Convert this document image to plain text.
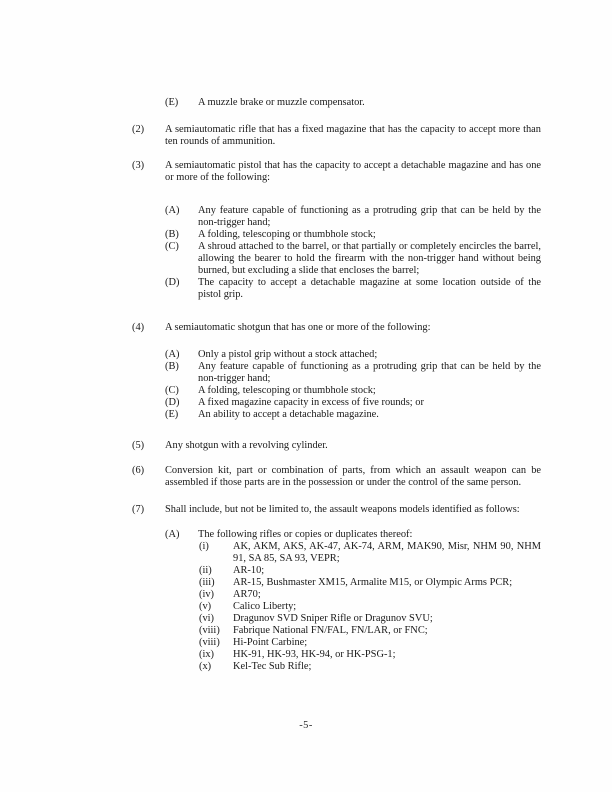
(E)	A muzzle brake or muzzle compensator.
(2)	A semiautomatic rifle that has a fixed magazine that has the capacity to accept more than ten rounds of ammunition.
(3)	A semiautomatic pistol that has the capacity to accept a detachable magazine and has one or more of the following:
(A)	Any feature capable of functioning as a protruding grip that can be held by the non-trigger hand;
(B)	A folding, telescoping or thumbhole stock;
(C)	A shroud attached to the barrel, or that partially or completely encircles the barrel, allowing the bearer to hold the firearm with the non-trigger hand without being burned, but excluding a slide that encloses the barrel;
(D)	The capacity to accept a detachable magazine at some location outside of the pistol grip.
(4)	A semiautomatic shotgun that has one or more of the following:
(A)	Only a pistol grip without a stock attached;
(B)	Any feature capable of functioning as a protruding grip that can be held by the non-trigger hand;
(C)	A folding, telescoping or thumbhole stock;
(D)	A fixed magazine capacity in excess of five rounds; or
(E)	An ability to accept a detachable magazine.
(5)	Any shotgun with a revolving cylinder.
(6)	Conversion kit, part or combination of parts, from which an assault weapon can be assembled if those parts are in the possession or under the control of the same person.
(7)	Shall include, but not be limited to, the assault weapons models identified as follows:
(A)	The following rifles or copies or duplicates thereof:
(i)	AK, AKM, AKS, AK-47, AK-74, ARM, MAK90, Misr, NHM 90, NHM 91, SA 85, SA 93, VEPR;
(ii)	AR-10;
(iii)	AR-15, Bushmaster XM15, Armalite M15, or Olympic Arms PCR;
(iv)	AR70;
(v)	Calico Liberty;
(vi)	Dragunov SVD Sniper Rifle or Dragunov SVU;
(viii)	Fabrique National FN/FAL, FN/LAR, or FNC;
(viii)	Hi-Point Carbine;
(ix)	HK-91, HK-93, HK-94, or HK-PSG-1;
(x)	Kel-Tec Sub Rifle;
-5-
